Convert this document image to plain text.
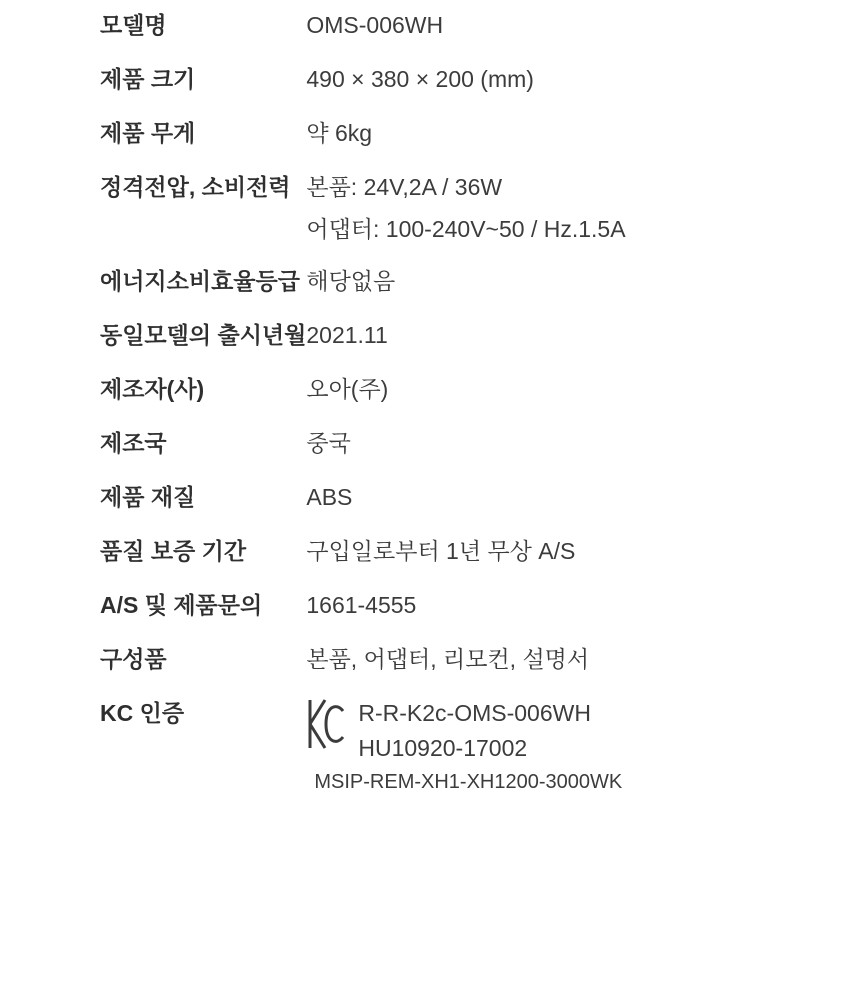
모델명	OMS-006WH

제품 크기	490 × 380 × 200 (mm)

제품 무게	약 6kg

정격전압, 소비전력	본품: 24V,2A / 36W
어댑터: 100-240V~50 / Hz.1.5A

에너지소비효율등급	해당없음

동일모델의 출시년월	2021.11

제조자(사)	오아(주)

제조국	중국

제품 재질	ABS

품질 보증 기간	구입일로부터 1년 무상 A/S

A/S 및 제품문의	1661-4555

구성품	본품, 어댑터, 리모컨, 설명서

KC 인증	R-R-K2c-OMS-006WH
HU10920-17002
MSIP-REM-XH1-XH1200-3000WK
